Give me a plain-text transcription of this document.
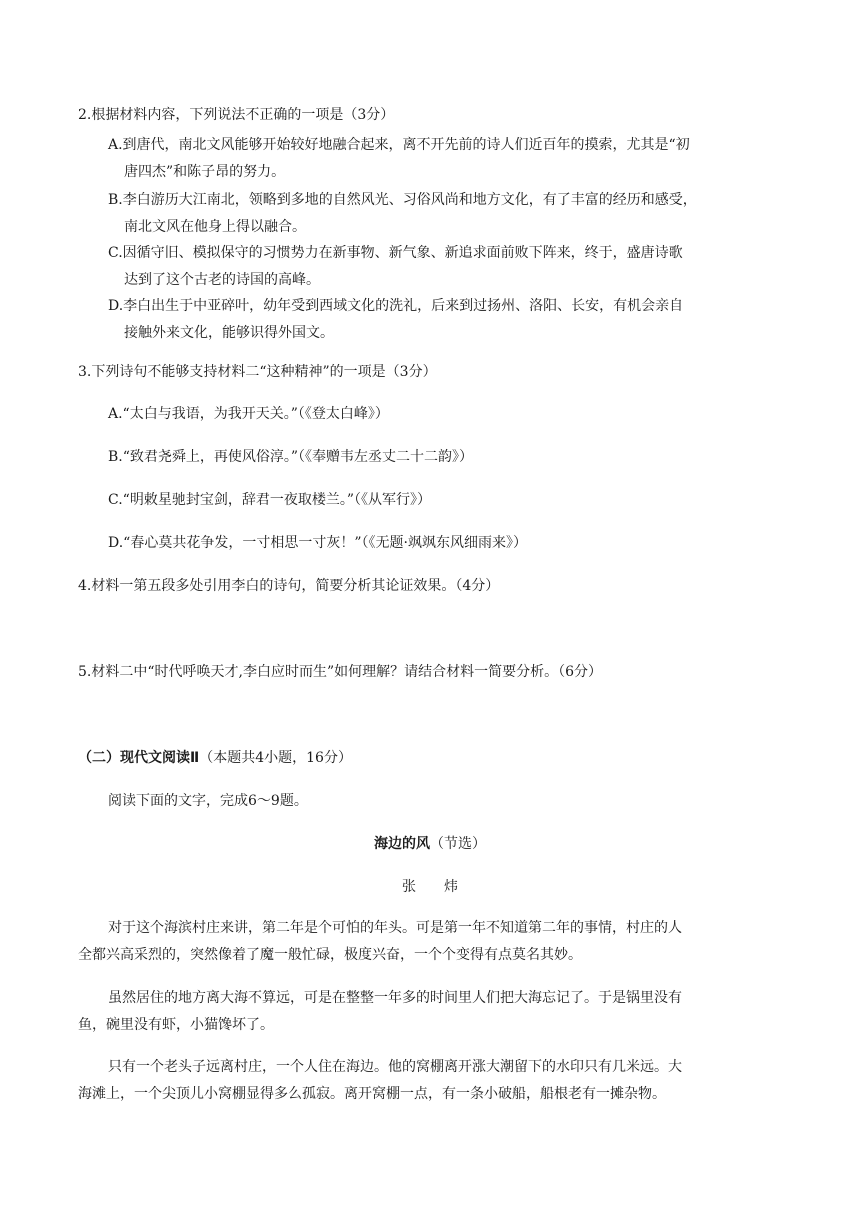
2.根据材料内容，下列说法不正确的一项是（3分）
A.到唐代，南北文风能够开始较好地融合起来，离不开先前的诗人们近百年的摸索，尤其是“初
唐四杰”和陈子昂的努力。
B.李白游历大江南北，领略到多地的自然风光、习俗风尚和地方文化，有了丰富的经历和感受，
南北文风在他身上得以融合。
C.因循守旧、模拟保守的习惯势力在新事物、新气象、新追求面前败下阵来，终于，盛唐诗歌
达到了这个古老的诗国的高峰。
D.李白出生于中亚碎叶，幼年受到西域文化的洗礼，后来到过扬州、洛阳、长安，有机会亲自
接触外来文化，能够识得外国文。
3.下列诗句不能够支持材料二“这种精神”的一项是（3分）
A.“太白与我语，为我开天关。”（《登太白峰》）
B.“致君尧舜上，再使风俗淳。”（《奉赠韦左丞丈二十二韵》）
C.“明敕星驰封宝剑，辞君一夜取楼兰。”（《从军行》）
D.“春心莫共花争发，一寸相思一寸灰！”（《无题·飒飒东风细雨来》）
4.材料一第五段多处引用李白的诗句，简要分析其论证效果。（4分）
5.材料二中“时代呼唤天才,李白应时而生”如何理解？请结合材料一简要分析。（6分）
（二）现代文阅读Ⅱ（本题共4小题，16分）
阅读下面的文字，完成6～9题。
海边的风（节选）
张　　炜
对于这个海滨村庄来讲，第二年是个可怕的年头。可是第一年不知道第二年的事情，村庄的人
全都兴高采烈的，突然像着了魔一般忙碌，极度兴奋，一个个变得有点莫名其妙。
虽然居住的地方离大海不算远，可是在整整一年多的时间里人们把大海忘记了。于是锅里没有
鱼，碗里没有虾，小猫馋坏了。
只有一个老头子远离村庄，一个人住在海边。他的窝棚离开涨大潮留下的水印只有几米远。大
海滩上，一个尖顶儿小窝棚显得多么孤寂。离开窝棚一点，有一条小破船，船根老有一摊杂物。
